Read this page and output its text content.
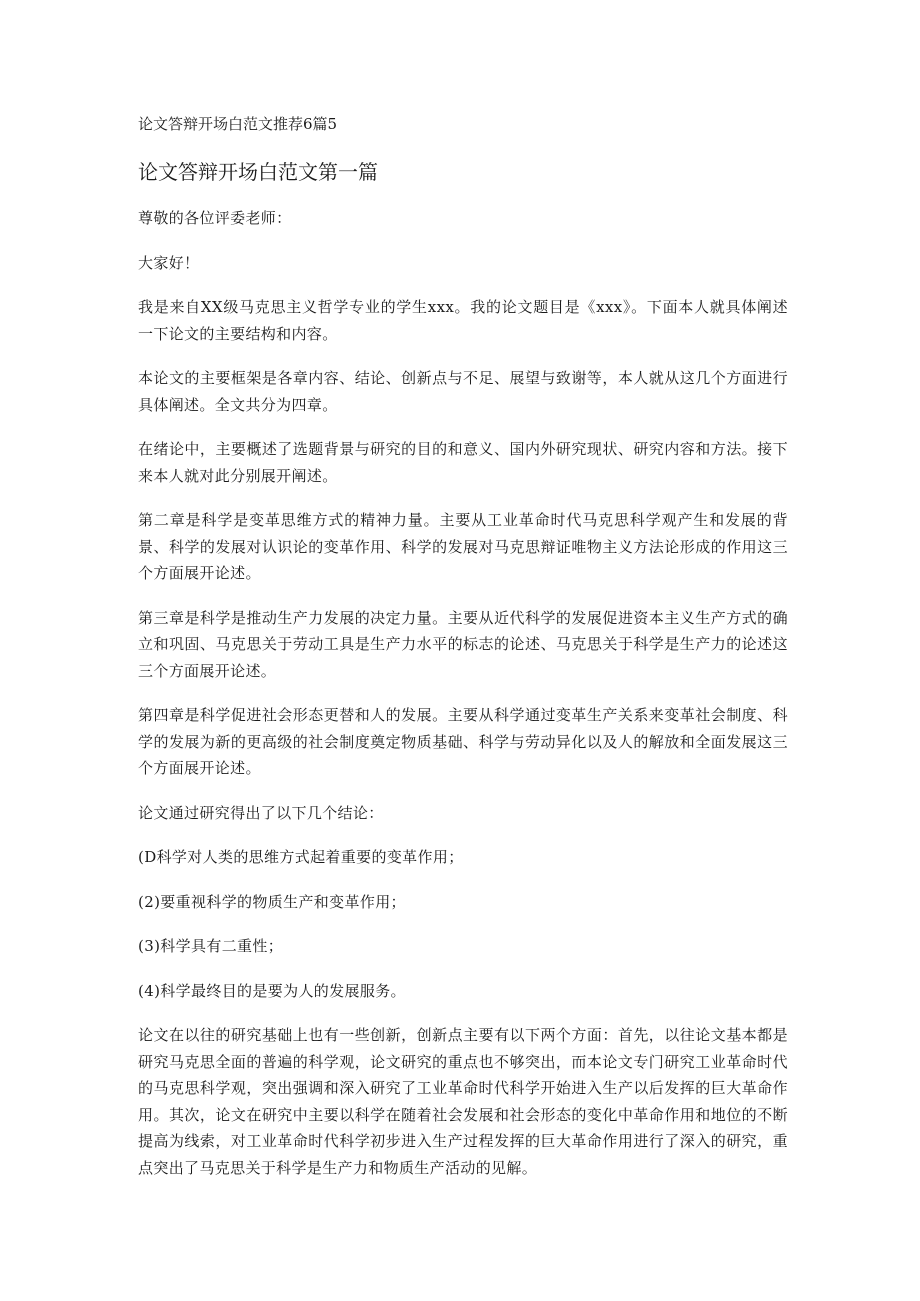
论文答辩开场白范文推荐6篇5
论文答辩开场白范文第一篇

尊敬的各位评委老师：

大家好！

我是来自XX级马克思主义哲学专业的学生xxx。我的论文题目是《xxx》。下面本人就具体阐述一下论文的主要结构和内容。

本论文的主要框架是各章内容、结论、创新点与不足、展望与致谢等，本人就从这几个方面进行具体阐述。全文共分为四章。

在绪论中，主要概述了选题背景与研究的目的和意义、国内外研究现状、研究内容和方法。接下来本人就对此分别展开阐述。

第二章是科学是变革思维方式的精神力量。主要从工业革命时代马克思科学观产生和发展的背景、科学的发展对认识论的变革作用、科学的发展对马克思辩证唯物主义方法论形成的作用这三个方面展开论述。

第三章是科学是推动生产力发展的决定力量。主要从近代科学的发展促进资本主义生产方式的确立和巩固、马克思关于劳动工具是生产力水平的标志的论述、马克思关于科学是生产力的论述这三个方面展开论述。

第四章是科学促进社会形态更替和人的发展。主要从科学通过变革生产关系来变革社会制度、科学的发展为新的更高级的社会制度奠定物质基础、科学与劳动异化以及人的解放和全面发展这三个方面展开论述。

论文通过研究得出了以下几个结论：

(D科学对人类的思维方式起着重要的变革作用；

(2)要重视科学的物质生产和变革作用；

(3)科学具有二重性；

(4)科学最终目的是要为人的发展服务。

论文在以往的研究基础上也有一些创新，创新点主要有以下两个方面：首先，以往论文基本都是研究马克思全面的普遍的科学观，论文研究的重点也不够突出，而本论文专门研究工业革命时代的马克思科学观，突出强调和深入研究了工业革命时代科学开始进入生产以后发挥的巨大革命作用。其次，论文在研究中主要以科学在随着社会发展和社会形态的变化中革命作用和地位的不断提高为线索，对工业革命时代科学初步进入生产过程发挥的巨大革命作用进行了深入的研究，重点突出了马克思关于科学是生产力和物质生产活动的见解。
